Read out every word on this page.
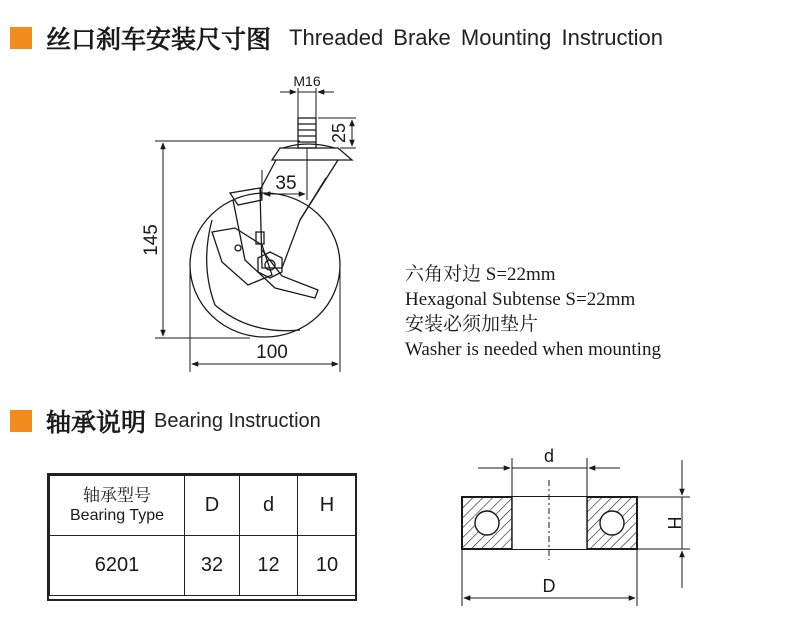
丝口刹车安装尺寸图 Threaded Brake Mounting Instruction
M16
25
35
145
100
六角对边 S=22mm
Hexagonal Subtense S=22mm
安装必须加垫片
Washer is needed when mounting
轴承说明 Bearing Instruction
轴承型号
Bearing Type	D	d	H
6201	32	12	10
d
D
H
